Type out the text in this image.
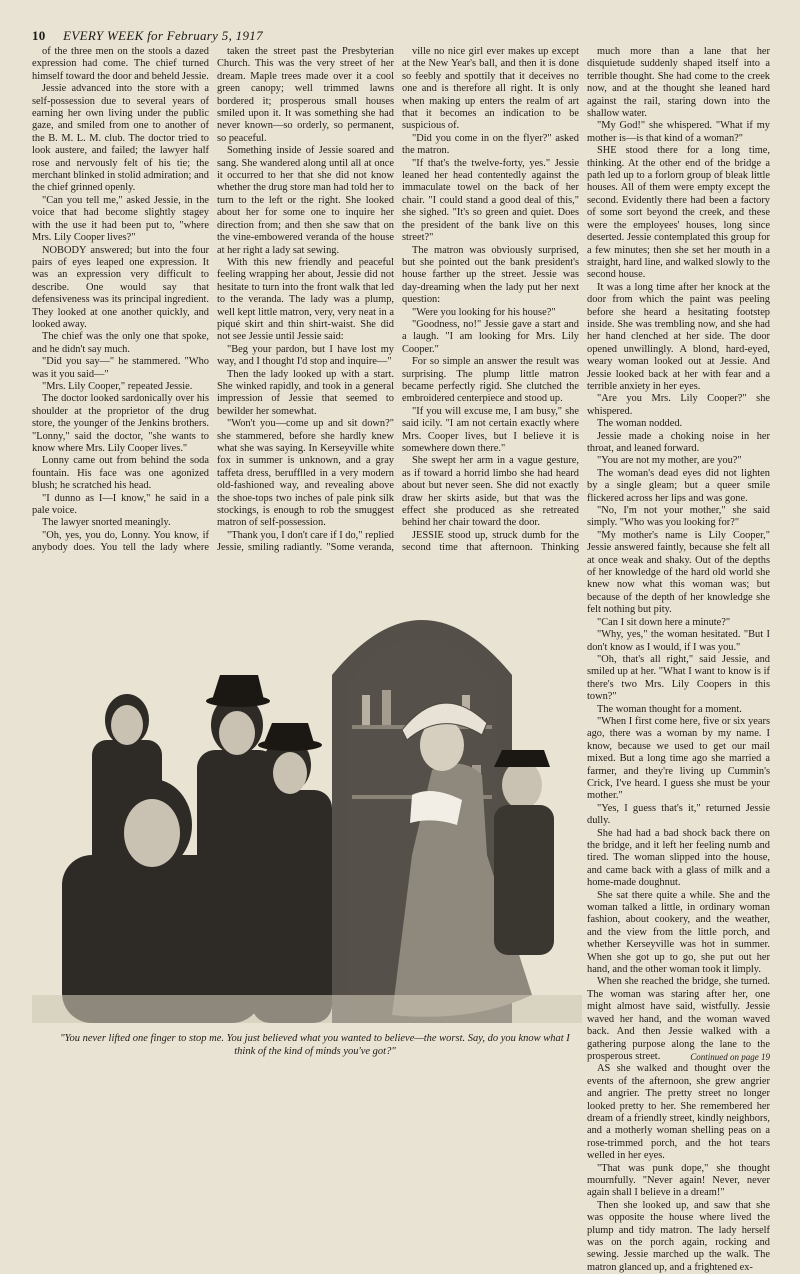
10 EVERY WEEK for February 5, 1917

of the three men on the stools a dazed expression had come. The chief turned himself toward the door and beheld Jessie.

Jessie advanced into the store with a self-possession due to several years of earning her own living under the public gaze, and smiled from one to another of the B. M. L. M. club. The doctor tried to look austere, and failed; the lawyer half rose and nervously felt of his tie; the merchant blinked in stolid admiration; and the chief grinned openly.

"Can you tell me," asked Jessie, in the voice that had become slightly stagey with the use it had been put to, "where Mrs. Lily Cooper lives?"

NOBODY answered; but into the four pairs of eyes leaped one expression. It was an expression very difficult to describe. One would say that defensiveness was its principal ingredient. They looked at one another quickly, and looked away.

The chief was the only one that spoke, and he didn't say much.

"Did you say—" he stammered. "Who was it you said—"

"Mrs. Lily Cooper," repeated Jessie.

The doctor looked sardonically over his shoulder at the proprietor of the drug store, the younger of the Jenkins brothers. "Lonny," said the doctor, "she wants to know where Mrs. Lily Cooper lives."

Lonny came out from behind the soda fountain. His face was one agonized blush; he scratched his head.

"I dunno as I—I know," he said in a pale voice.

The lawyer snorted meaningly.

"Oh, yes, you do, Lonny. You know, if anybody does. You tell the lady where

taken the street past the Presbyterian Church. This was the very street of her dream. Maple trees made over it a cool green canopy; well trimmed lawns bordered it; prosperous small houses smiled upon it. It was something she had never known—so orderly, so permanent, so peaceful.

Something inside of Jessie soared and sang. She wandered along until all at once it occurred to her that she did not know whether the drug store man had told her to turn to the left or the right. She looked about her for some one to inquire her direction from; and then she saw that on the vine-embowered veranda of the house at her right a lady sat sewing.

With this new friendly and peaceful feeling wrapping her about, Jessie did not hesitate to turn into the front walk that led to the veranda. The lady was a plump, well kept little matron, very, very neat in a piqué skirt and thin shirt-waist. She did not see Jessie until Jessie said:

"Beg your pardon, but I have lost my way, and I thought I'd stop and inquire—"

Then the lady looked up with a start. She winked rapidly, and took in a general impression of Jessie that seemed to bewilder her somewhat.

"Won't you—come up and sit down?" she stammered, before she hardly knew what she was saying. In Kerseyville white fox in summer is unknown, and a gray taffeta dress, berufflled in a very modern old-fashioned way, and revealing above the shoe-tops two inches of pale pink silk stockings, is enough to rob the smuggest matron of self-possession.

"Thank you, I don't care if I do," replied Jessie, smiling radiantly. "Some veranda,

ville no nice girl ever makes up except at the New Year's ball, and then it is done so feebly and spottily that it deceives no one and is therefore all right. It is only when making up enters the realm of art that it becomes an indication to be suspicious of.

"Did you come in on the flyer?" asked the matron.

"If that's the twelve-forty, yes." Jessie leaned her head contentedly against the immaculate towel on the back of her chair. "I could stand a good deal of this," she sighed. "It's so green and quiet. Does the president of the bank live on this street?"

The matron was obviously surprised, but she pointed out the bank president's house farther up the street. Jessie was day-dreaming when the lady put her next question:

"Were you looking for his house?"

"Goodness, no!" Jessie gave a start and a laugh. "I am looking for Mrs. Lily Cooper."

For so simple an answer the result was surprising. The plump little matron became perfectly rigid. She clutched the embroidered centerpiece and stood up.

"If you will excuse me, I am busy," she said icily. "I am not certain exactly where Mrs. Cooper lives, but I believe it is somewhere down there."

She swept her arm in a vague gesture, as if toward a horrid limbo she had heard about but never seen. She did not exactly draw her skirts aside, but that was the effect she produced as she retreated behind her chair toward the door.

JESSIE stood up, struck dumb for the second time that afternoon. Thinking

much more than a lane that her disquietude suddenly shaped itself into a terrible thought. She had come to the creek now, and at the thought she leaned hard against the rail, staring down into the shallow water.

"My God!" she whispered. "What if my mother is—is that kind of a woman?"

SHE stood there for a long time, thinking. At the other end of the bridge a path led up to a forlorn group of bleak little houses. All of them were empty except the second. Evidently there had been a factory of some sort beyond the creek, and these were the employees' houses, long since deserted. Jessie contemplated this group for a few minutes; then she set her mouth in a straight, hard line, and walked slowly to the second house.

It was a long time after her knock at the door from which the paint was peeling before she heard a hesitating footstep inside. She was trembling now, and she had her hand clenched at her side. The door opened unwillingly. A blond, hard-eyed, weary woman looked out at Jessie. And Jessie looked back at her with fear and a terrible anxiety in her eyes.

"Are you Mrs. Lily Cooper?" she whispered.

The woman nodded.

Jessie made a choking noise in her throat, and leaned forward.

"You are not my mother, are you?"

The woman's dead eyes did not lighten by a single gleam; but a queer smile flickered across her lips and was gone.

"No, I'm not your mother," she said simply. "Who was you looking for?"

"My mother's name is Lily Cooper," Jessie answered faintly, because she felt all at once weak and shaky. Out of the depths of her knowledge of the hard old world she knew now what this woman was; but because of the depth of her knowledge she felt nothing but pity.

"Can I sit down here a minute?"

"Why, yes," the woman hesitated. "But I don't know as I would, if I was you."

"Oh, that's all right," said Jessie, and smiled up at her. "What I want to know is if there's two Mrs. Lily Coopers in this town?"

The woman thought for a moment.

"When I first come here, five or six years ago, there was a woman by my name. I know, because we used to get our mail mixed. But a long time ago she married a farmer, and they're living up Cummin's Crick, I've heard. I guess she must be your mother."

"Yes, I guess that's it," returned Jessie dully.

She had had a bad shock back there on the bridge, and it left her feeling numb and tired. The woman slipped into the house, and came back with a glass of milk and a home-made doughnut.

She sat there quite a while. She and the woman talked a little, in ordinary woman fashion, about cookery, and the weather, and the view from the little porch, and whether Kerseyville was hot in summer. When she got up to go, she put out her hand, and the other woman took it limply.

When she reached the bridge, she turned. The woman was staring after her, one might almost have said, wistfully. Jessie waved her hand, and the woman waved back. And then Jessie walked with a gathering purpose along the lane to the prosperous street.

AS she walked and thought over the events of the afternoon, she grew angrier and angrier. The pretty street no longer looked pretty to her. She remembered her dream of a friendly street, kindly neighbors, and a motherly woman shelling peas on a rose-trimmed porch, and the hot tears welled in her eyes.

"That was punk dope," she thought mournfully. "Never again! Never, never again shall I believe in a dream!"

Then she looked up, and saw that she was opposite the house where lived the plump and tidy matron. The lady herself was on the porch again, rocking and sewing. Jessie marched up the walk. The matron glanced up, and a frightened ex-

"You never lifted one finger to stop me. You just believed what you wanted to believe—the worst. Say, do you know what I think of the kind of minds you've got?"	Continued on page 19
